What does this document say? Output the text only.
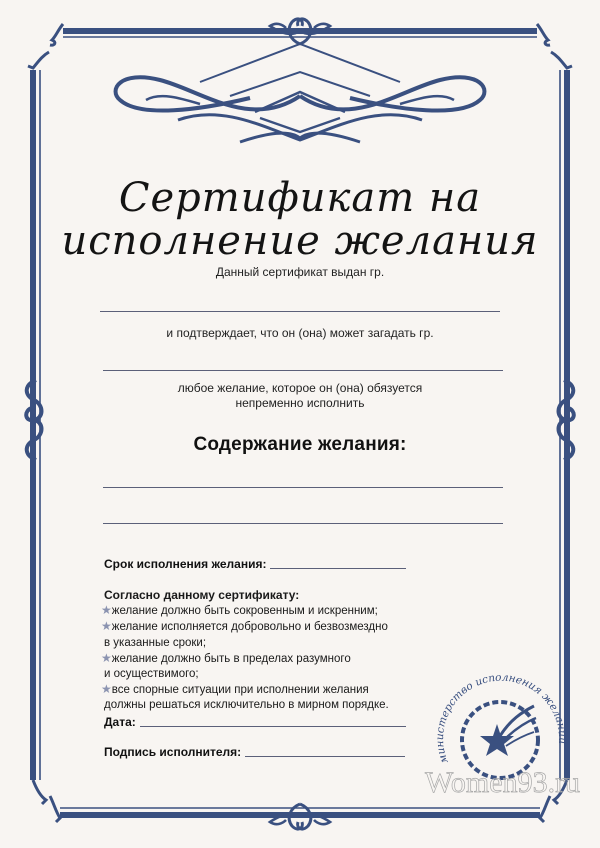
Сертификат на
исполнение желания
Данный сертификат выдан гр.
и подтверждает, что он (она) может загадать гр.
любое желание, которое он (она) обязуется
непременно исполнить
Содержание желания:
Срок исполнения желания:
Согласно данному сертификату:
★желание должно быть сокровенным и искренним;
★желание исполняется добровольно и безвозмездно
в указанные сроки;
★желание должно быть в пределах разумного
и осуществимого;
★все спорные ситуации при исполнении желания
должны решаться исключительно в мирном порядке.
Дата:
Подпись исполнителя:
министерство исполнения желаний
Women93.ru
